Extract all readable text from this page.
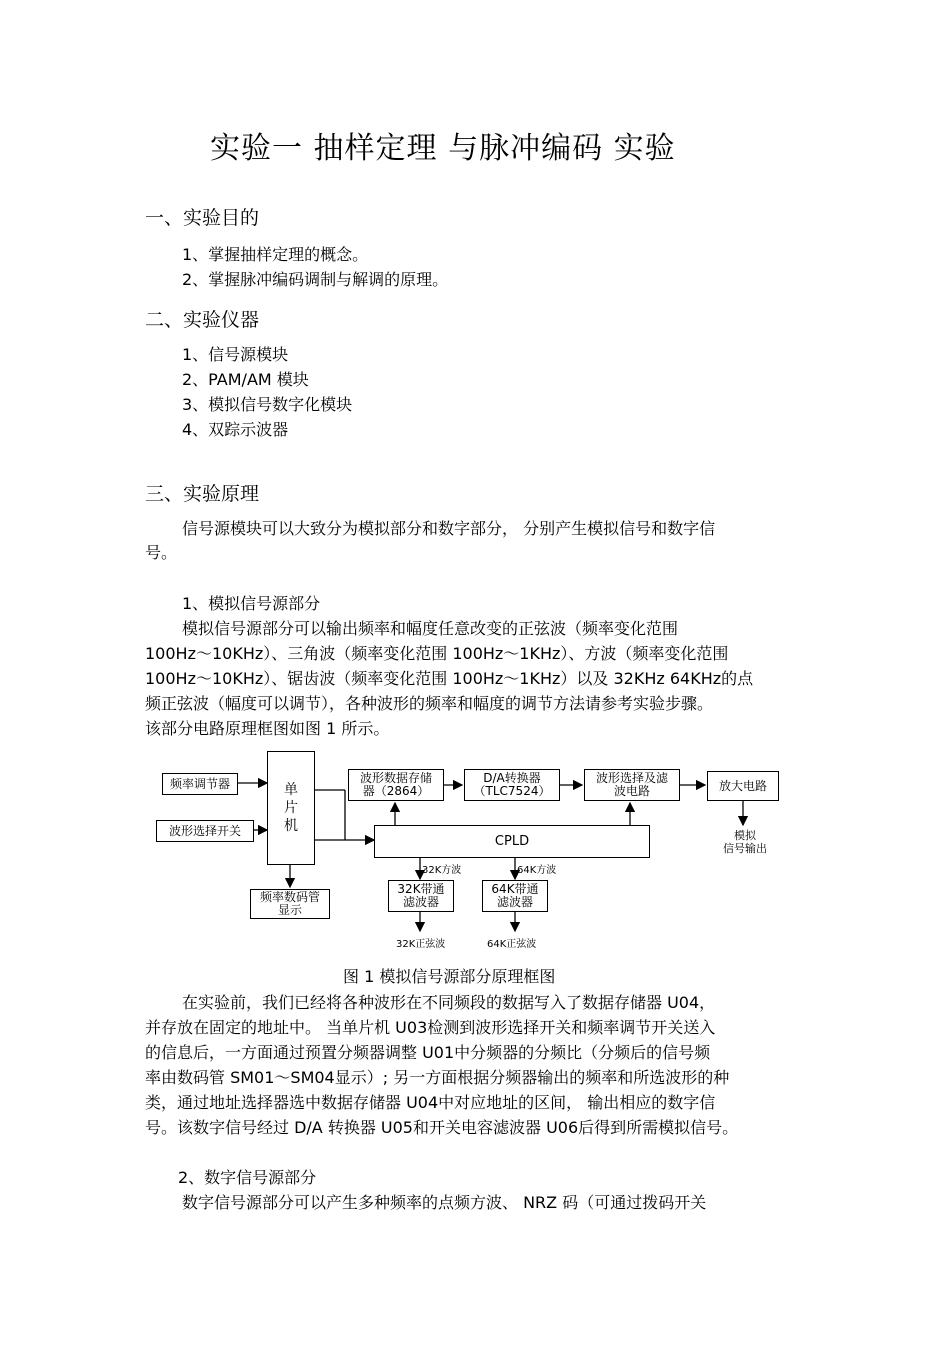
实验一 抽样定理 与脉冲编码 实验
一、实验目的
1、掌握抽样定理的概念。
2、掌握脉冲编码调制与解调的原理。
二、实验仪器
1、信号源模块
2、PAM/AM 模块
3、模拟信号数字化模块
4、双踪示波器
三、实验原理
信号源模块可以大致分为模拟部分和数字部分， 分别产生模拟信号和数字信
号。
1、模拟信号源部分
模拟信号源部分可以输出频率和幅度任意改变的正弦波（频率变化范围
100Hz～10KHz）、三角波（频率变化范围 100Hz～1KHz）、方波（频率变化范围
100Hz～10KHz）、锯齿波（频率变化范围 100Hz～1KHz）以及 32KHz 64KHz的点
频正弦波（幅度可以调节），各种波形的频率和幅度的调节方法请参考实验步骤。
该部分电路原理框图如图 1 所示。
频率调节器
波形选择开关
单
片
机
波形数据存储
器（2864）
D/A转换器
（TLC7524）
波形选择及滤
波电路	放大电路
CPLD	模拟
信号输出
频率数码管
显示
32K带通
滤波器
64K带通
滤波器
32K方波	64K方波
32K正弦波	64K正弦波
图 1 模拟信号源部分原理框图
在实验前，我们已经将各种波形在不同频段的数据写入了数据存储器 U04，
并存放在固定的地址中。 当单片机 U03检测到波形选择开关和频率调节开关送入
的信息后，一方面通过预置分频器调整 U01中分频器的分频比（分频后的信号频
率由数码管 SM01～SM04显示）; 另一方面根据分频器输出的频率和所选波形的种
类，通过地址选择器选中数据存储器 U04中对应地址的区间， 输出相应的数字信
号。该数字信号经过 D/A 转换器 U05和开关电容滤波器 U06后得到所需模拟信号。
2、数字信号源部分
数字信号源部分可以产生多种频率的点频方波、 NRZ 码（可通过拨码开关
